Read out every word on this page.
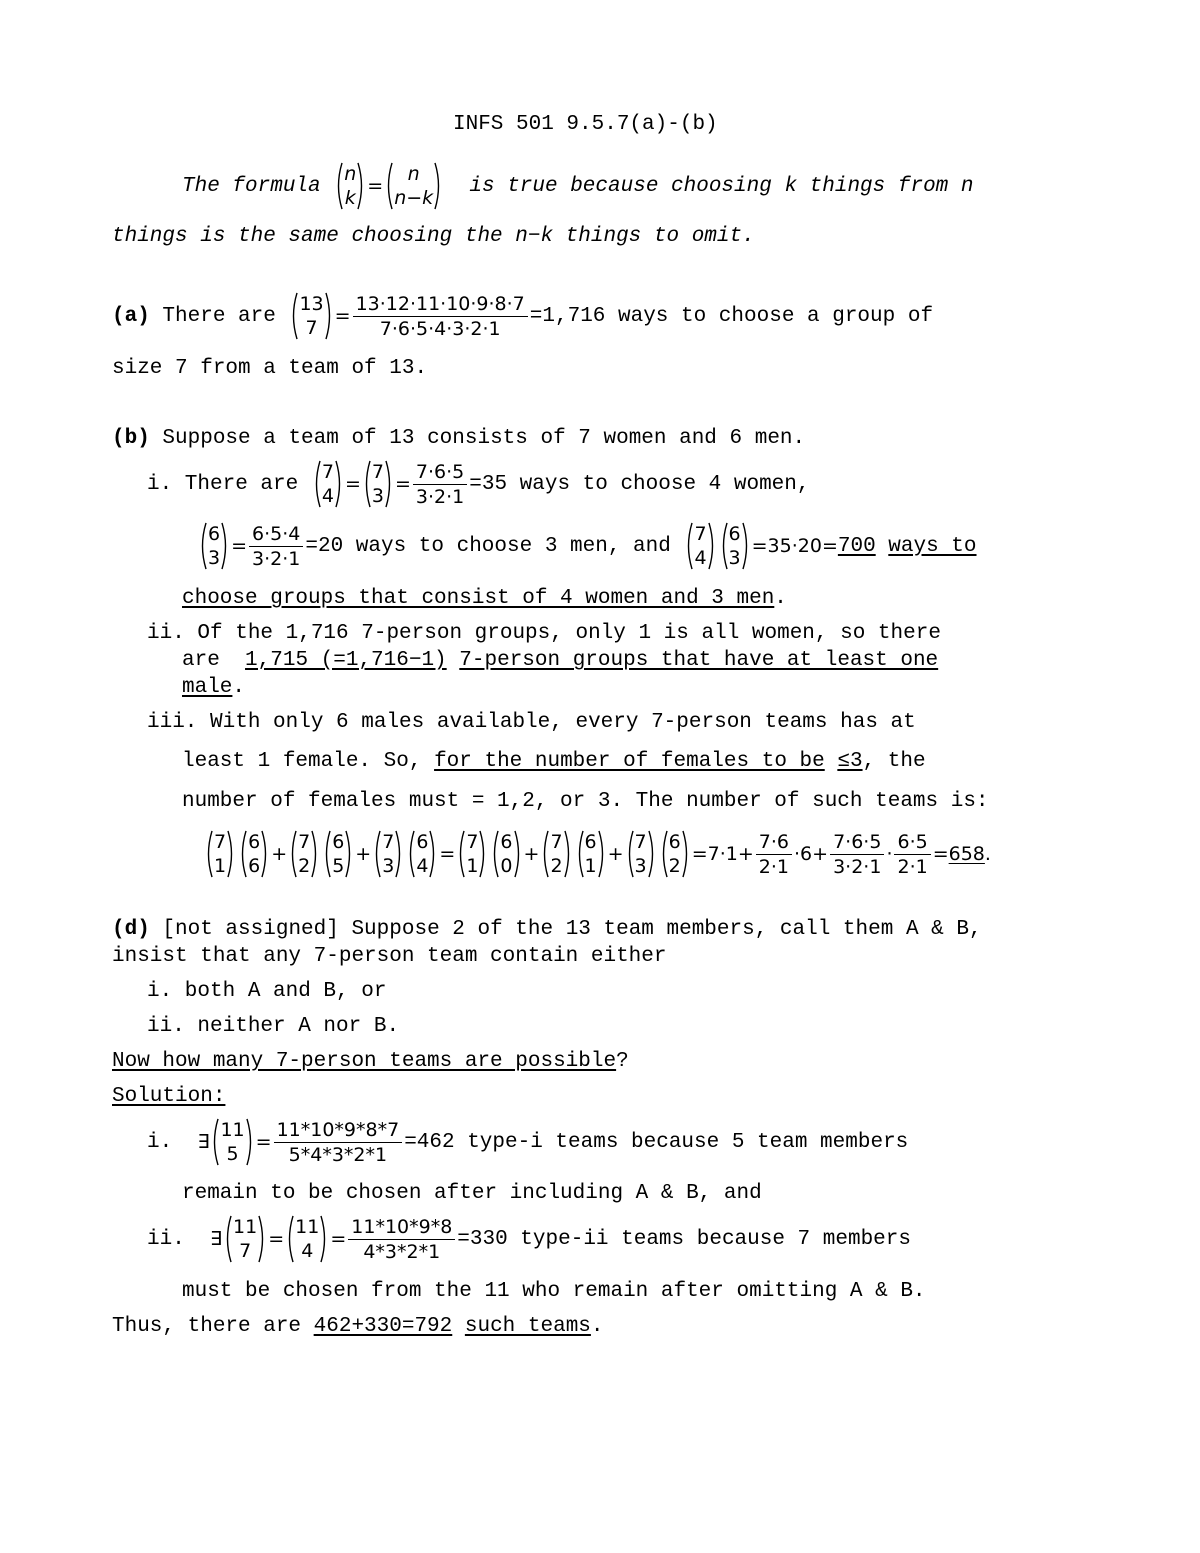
INFS 501 9.5.7(a)-(b)
The formula

n
k
=
n
n−k

is true because choosing k things from n
things is the same choosing the n−k things to omit.
(a)
There are

13
7
= $\frac{13\cdot 12\cdot 11\cdot 10\cdot 9\cdot 8\cdot 7}{7\cdot 6\cdot 5\cdot 4\cdot 3\cdot 2\cdot 1} =1,716$ ways to choose a group of
size 7 from a team of 13.
(b) Suppose a team of 13 consists of 7 women and 6 men.
i. There are

7
4
=
7
3
= $\frac{7\cdot 6\cdot 5}{3\cdot 2\cdot 1} =35$ ways to choose 4 women,
6
3
= $\frac{6\cdot 5\cdot 4}{3\cdot 2\cdot 1} =20$ ways to choose 3 men, and

7
4
6
3
=35·20= 700
ways to
choose groups that consist of 4 women and 3 men.
ii. Of the 1,716 7-person groups, only 1 is all women, so there
are 1,715 (=1,716−1) 7-person groups that have at least one
male.
iii. With only 6 males available, every 7-person teams has at
least 1 female. So, for the number of females to be ≤3, the
number of females must = 1,2, or 3. The number of such teams is:
7
1
6
6
+
7
2
6
5
+
7
3
6
4
=
7
1
6
0
+
7
2
6
1
+
7
3
6
2
$=7\cdot 1+ \frac{7\cdot 6}{2\cdot 1} \cdot 6+ \frac{7\cdot 6\cdot 5}{3\cdot 2\cdot 1} \cdot \frac{6\cdot 5}{2\cdot 1} = 658$ .
(d) [not assigned] Suppose 2 of the 13 team members, call them A & B,
insist that any 7-person team contain either
i. both A and B, or
ii. neither A nor B.
Now how many 7-person teams are possible?
Solution:
i.
∃
11
5
= $\frac{11*10*9*8*7}{5*4*3*2*1} =462$ type-i teams because 5 team members
remain to be chosen after including A & B, and
ii.
∃
11
7
=
11
4
= $\frac{11*10*9*8}{4*3*2*1} =330$ type-ii teams because 7 members
must be chosen from the 11 who remain after omitting A & B.
Thus, there are 462+330=792 such teams.
